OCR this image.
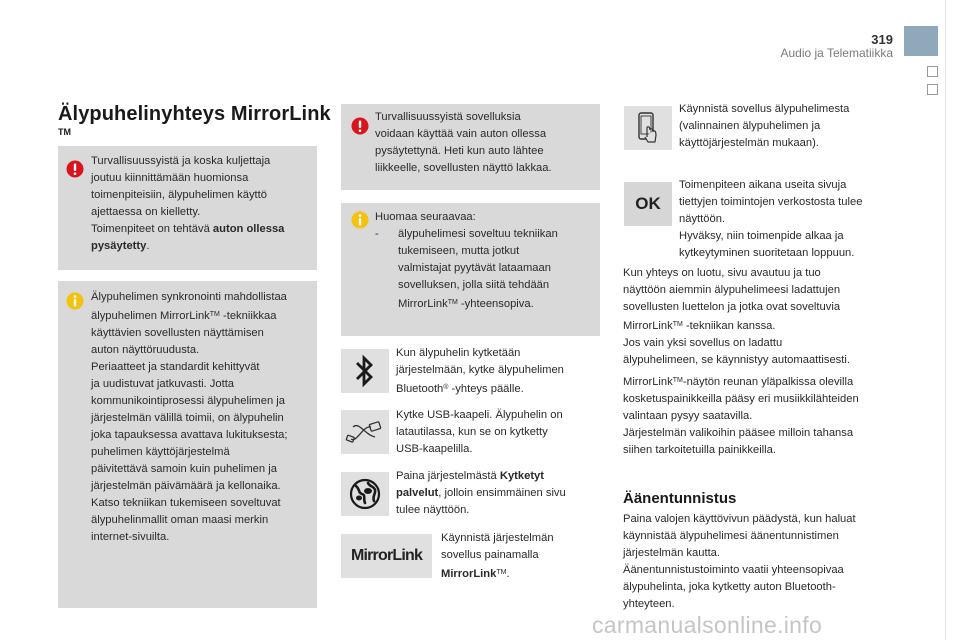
319
Audio ja Telematiikka
Älypuhelinyhteys MirrorLink
TM
Turvallisuussyistä ja koska kuljettaja
joutuu kiinnittämään huomionsa
toimenpiteisiin, älypuhelimen käyttö
ajettaessa on kielletty.
Toimenpiteet on tehtävä auton ollessa
pysäytetty.
Älypuhelimen synkronointi mahdollistaa
älypuhelimen MirrorLink™ -tekniikkaa
käyttävien sovellusten näyttämisen
auton näyttöruudusta.
Periaatteet ja standardit kehittyvät
ja uudistuvat jatkuvasti. Jotta
kommunikointiprosessi älypuhelimen ja
järjestelmän välillä toimii, on älypuhelin
joka tapauksessa avattava lukituksesta;
puhelimen käyttöjärjestelmä
päivitettävä samoin kuin puhelimen ja
järjestelmän päivämäärä ja kellonaika.
Katso tekniikan tukemiseen soveltuvat
älypuhelinmallit oman maasi merkin
internet-sivuilta.
Turvallisuussyistä sovelluksia
voidaan käyttää vain auton ollessa
pysäytettynä. Heti kun auto lähtee
liikkeelle, sovellusten näyttö lakkaa.
Huomaa seuraavaa:
- älypuhelimesi soveltuu tekniikan
tukemiseen, mutta jotkut
valmistajat pyytävät lataamaan
sovelluksen, jolla siitä tehdään
MirrorLink™ -yhteensopiva.
Kun älypuhelin kytketään
järjestelmään, kytke älypuhelimen
Bluetooth® -yhteys päälle.
Kytke USB-kaapeli. Älypuhelin on
latautilassa, kun se on kytketty
USB-kaapelilla.
Paina järjestelmästä Kytketyt
palvelut, jolloin ensimmäinen sivu
tulee näyttöön.
MirrorLink
Käynnistä järjestelmän
sovellus painamalla
MirrorLink™.
Käynnistä sovellus älypuhelimesta
(valinnainen älypuhelimen ja
käyttöjärjestelmän mukaan).
OK
Toimenpiteen aikana useita sivuja
tiettyjen toimintojen verkostosta tulee
näyttöön.
Hyväksy, niin toimenpide alkaa ja
kytkeytyminen suoritetaan loppuun.
Kun yhteys on luotu, sivu avautuu ja tuo
näyttöön aiemmin älypuhelimeesi ladattujen
sovellusten luettelon ja jotka ovat soveltuvia
MirrorLink™ -tekniikan kanssa.
Jos vain yksi sovellus on ladattu
älypuhelimeen, se käynnistyy automaattisesti.
MirrorLink™-näytön reunan yläpalkissa olevilla
kosketuspainikkeilla pääsy eri musiikkilähteiden
valintaan pysyy saatavilla.
Järjestelmän valikoihin pääsee milloin tahansa
siihen tarkoitetuilla painikkeilla.
Äänentunnistus
Paina valojen käyttövivun päädystä, kun haluat
käynnistää älypuhelimesi äänentunnistimen
järjestelmän kautta.
Äänentunnistustoiminto vaatii yhteensopivaa
älypuhelinta, joka kytketty auton Bluetooth-
yhteyteen.
carmanualsonline.info
